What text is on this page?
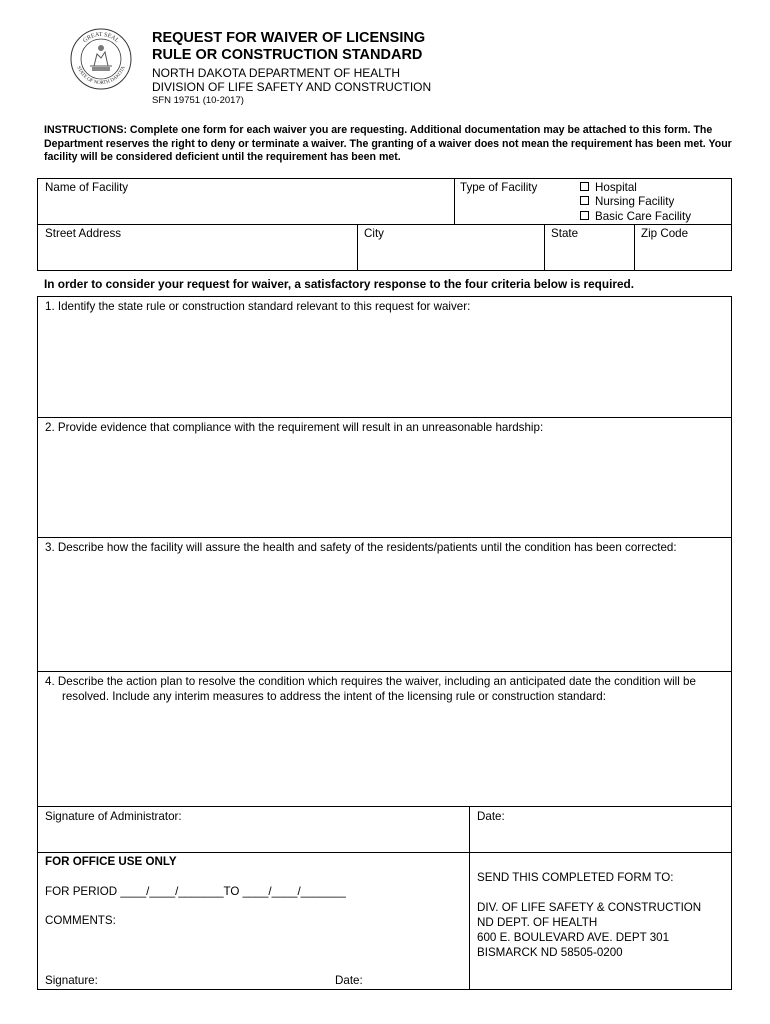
GREAT SEAL
STATE OF NORTH DAKOTA
REQUEST FOR WAIVER OF LICENSING
RULE OR CONSTRUCTION STANDARD
NORTH DAKOTA DEPARTMENT OF HEALTH
DIVISION OF LIFE SAFETY AND CONSTRUCTION
SFN 19751 (10-2017)
INSTRUCTIONS: Complete one form for each waiver you are requesting. Additional documentation may be attached to this form. The Department reserves the right to deny or terminate a waiver. The granting of a waiver does not mean the requirement has been met. Your facility will be considered deficient until the requirement has been met.
Name of Facility	Type of Facility	Hospital
Nursing Facility
Basic Care Facility
Street Address	City	State	Zip Code
In order to consider your request for waiver, a satisfactory response to the four criteria below is required.
1. Identify the state rule or construction standard relevant to this request for waiver:
2. Provide evidence that compliance with the requirement will result in an unreasonable hardship:
3. Describe how the facility will assure the health and safety of the residents/patients until the condition has been corrected:
4. Describe the action plan to resolve the condition which requires the waiver, including an anticipated date the condition will be resolved. Include any interim measures to address the intent of the licensing rule or construction standard:
Signature of Administrator:	Date:
FOR OFFICE USE ONLY
FOR PERIOD ____/____/_______TO ____/____/_______
COMMENTS:
Signature:	Date:
SEND THIS COMPLETED FORM TO:
DIV. OF LIFE SAFETY & CONSTRUCTION
ND DEPT. OF HEALTH
600 E. BOULEVARD AVE. DEPT 301
BISMARCK ND 58505-0200
